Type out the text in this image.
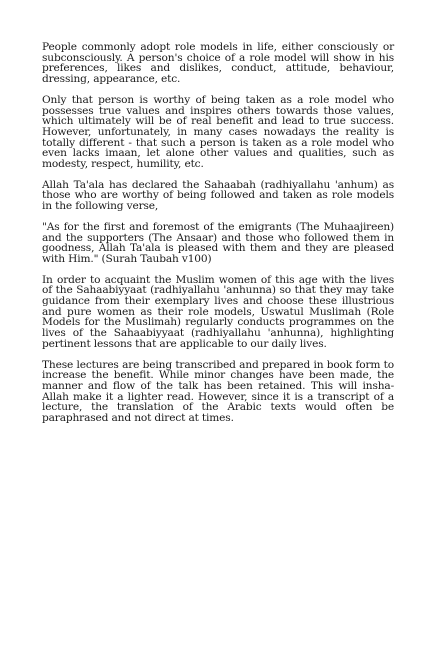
People commonly adopt role models in life, either consciously or subconsciously. A person's choice of a role model will show in his preferences, likes and dislikes, conduct, attitude, behaviour, dressing, appearance, etc.

Only that person is worthy of being taken as a role model who possesses true values and inspires others towards those values, which ultimately will be of real benefit and lead to true success. However, unfortunately, in many cases nowadays the reality is totally different - that such a person is taken as a role model who even lacks imaan, let alone other values and qualities, such as modesty, respect, humility, etc.

Allah Ta'ala has declared the Sahaabah (radhiyallahu 'anhum) as those who are worthy of being followed and taken as role models in the following verse,

"As for the first and foremost of the emigrants (The Muhaajireen) and the supporters (The Ansaar) and those who followed them in goodness, Allah Ta'ala is pleased with them and they are pleased with Him." (Surah Taubah v100)

In order to acquaint the Muslim women of this age with the lives of the Sahaabiyyaat (radhiyallahu 'anhunna) so that they may take guidance from their exemplary lives and choose these illustrious and pure women as their role models, Uswatul Muslimah (Role Models for the Muslimah) regularly conducts programmes on the lives of the Sahaabiyyaat (radhiyallahu 'anhunna), highlighting pertinent lessons that are applicable to our daily lives.

These lectures are being transcribed and prepared in book form to increase the benefit. While minor changes have been made, the manner and flow of the talk has been retained. This will insha-Allah make it a lighter read. However, since it is a transcript of a lecture, the translation of the Arabic texts would often be paraphrased and not direct at times.
